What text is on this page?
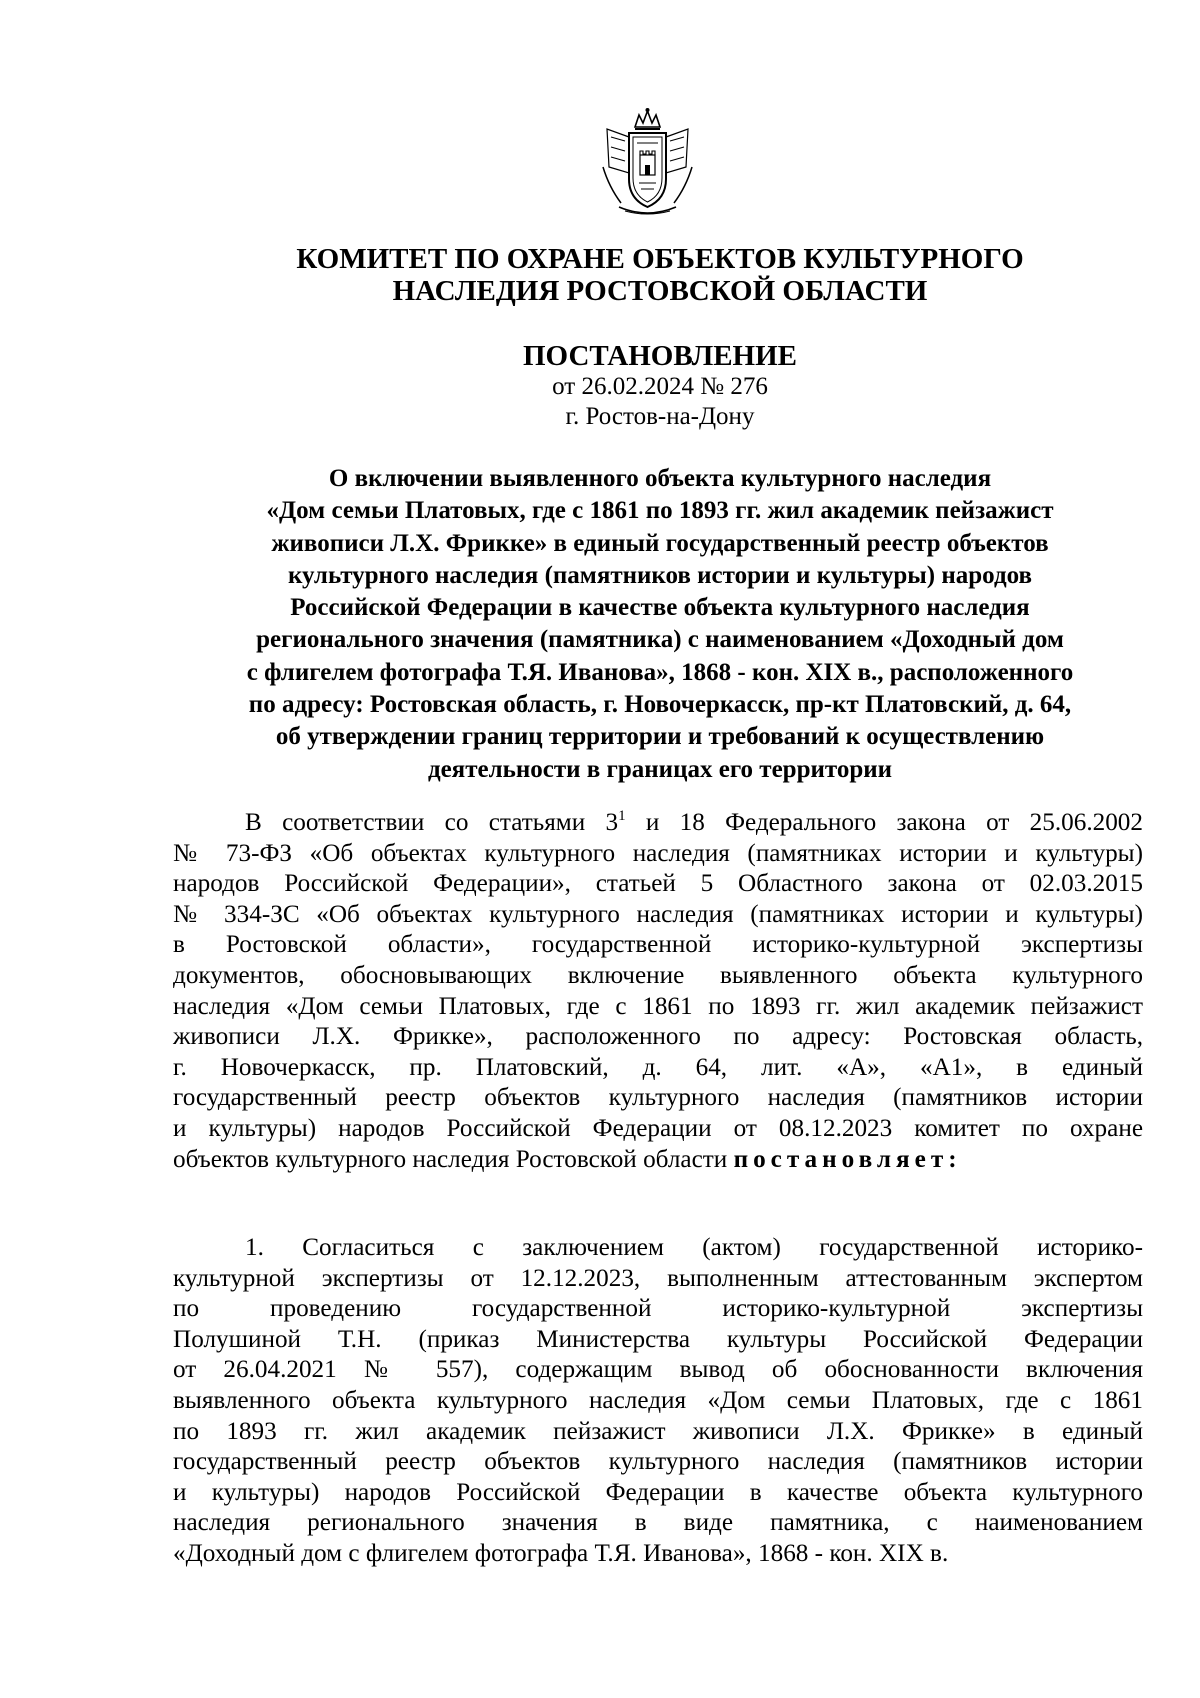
КОМИТЕТ ПО ОХРАНЕ ОБЪЕКТОВ КУЛЬТУРНОГО
НАСЛЕДИЯ РОСТОВСКОЙ ОБЛАСТИ
ПОСТАНОВЛЕНИЕ
от 26.02.2024 № 276
г. Ростов-на-Дону
О включении выявленного объекта культурного наследия
«Дом семьи Платовых, где с 1861 по 1893 гг. жил академик пейзажист
живописи Л.Х. Фрикке» в единый государственный реестр объектов
культурного наследия (памятников истории и культуры) народов
Российской Федерации в качестве объекта культурного наследия
регионального значения (памятника) с наименованием «Доходный дом
с флигелем фотографа Т.Я. Иванова», 1868 - кон. XIX в., расположенного
по адресу: Ростовская область, г. Новочеркасск, пр-кт Платовский, д. 64,
об утверждении границ территории и требований к осуществлению
деятельности в границах его территории
В соответствии со статьями $3^1$ и 18 Федерального закона от 25.06.2002
№ 73-ФЗ «Об объектах культурного наследия (памятниках истории и культуры)
народов Российской Федерации», статьей 5 Областного закона от 02.03.2015
№ 334-ЗС «Об объектах культурного наследия (памятниках истории и культуры)
в Ростовской области», государственной историко-культурной экспертизы
документов, обосновывающих включение выявленного объекта культурного
наследия «Дом семьи Платовых, где с 1861 по 1893 гг. жил академик пейзажист
живописи Л.Х. Фрикке», расположенного по адресу: Ростовская область,
г. Новочеркасск, пр. Платовский, д. 64, лит. «А», «А1», в единый
государственный реестр объектов культурного наследия (памятников истории
и культуры) народов Российской Федерации от 08.12.2023 комитет по охране
объектов культурного наследия Ростовской области постановляет:
1. Согласиться с заключением (актом) государственной историко-
культурной экспертизы от 12.12.2023, выполненным аттестованным экспертом
по проведению государственной историко-культурной экспертизы
Полушиной Т.Н. (приказ Министерства культуры Российской Федерации
от 26.04.2021 № 557), содержащим вывод об обоснованности включения
выявленного объекта культурного наследия «Дом семьи Платовых, где с 1861
по 1893 гг. жил академик пейзажист живописи Л.Х. Фрикке» в единый
государственный реестр объектов культурного наследия (памятников истории
и культуры) народов Российской Федерации в качестве объекта культурного
наследия регионального значения в виде памятника, с наименованием
«Доходный дом с флигелем фотографа Т.Я. Иванова», 1868 - кон. XIX в.
